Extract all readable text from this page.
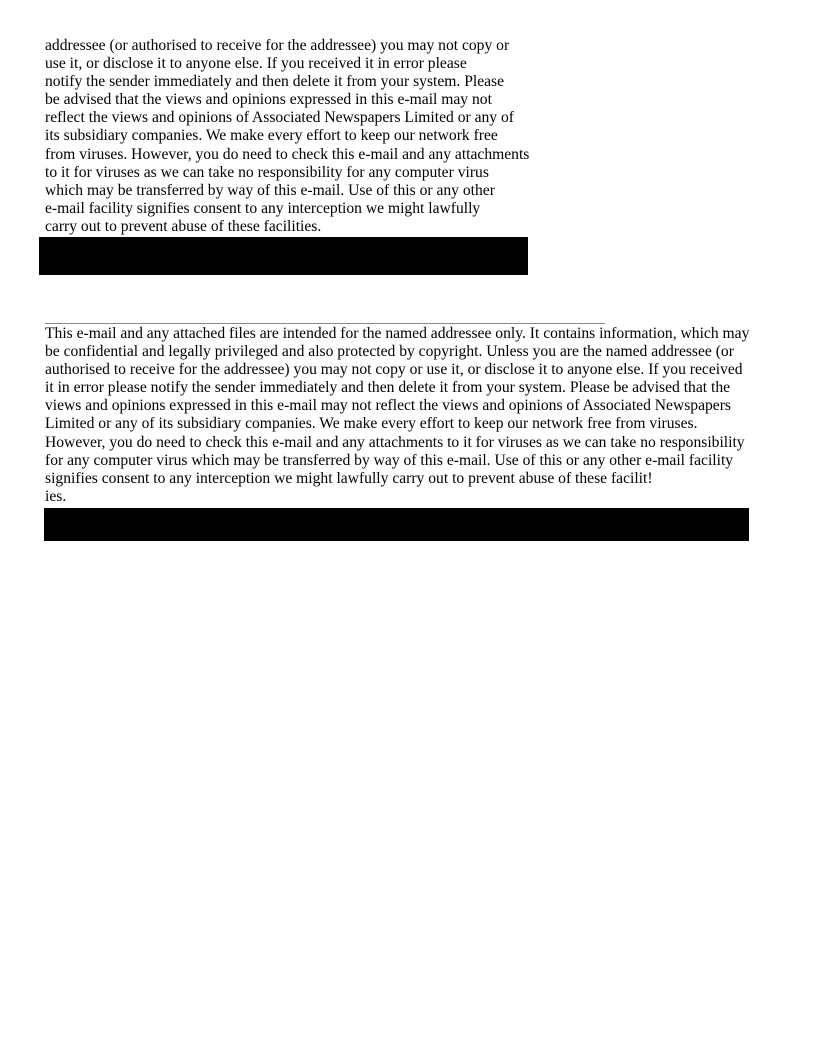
addressee (or authorised to receive for the addressee) you may not copy or
use it, or disclose it to anyone else. If you received it in error please
notify the sender immediately and then delete it from your system. Please
be advised that the views and opinions expressed in this e-mail may not
reflect the views and opinions of Associated Newspapers Limited or any of
its subsidiary companies. We make every effort to keep our network free
from viruses. However, you do need to check this e-mail and any attachments
to it for viruses as we can take no responsibility for any computer virus
which may be transferred by way of this e-mail. Use of this or any other
e-mail facility signifies consent to any interception we might lawfully
carry out to prevent abuse of these facilities.
This e-mail and any attached files are intended for the named addressee only. It contains information, which may
be confidential and legally privileged and also protected by copyright. Unless you are the named addressee (or
authorised to receive for the addressee) you may not copy or use it, or disclose it to anyone else. If you received
it in error please notify the sender immediately and then delete it from your system. Please be advised that the
views and opinions expressed in this e-mail may not reflect the views and opinions of Associated Newspapers
Limited or any of its subsidiary companies. We make every effort to keep our network free from viruses.
However, you do need to check this e-mail and any attachments to it for viruses as we can take no responsibility
for any computer virus which may be transferred by way of this e-mail. Use of this or any other e-mail facility
signifies consent to any interception we might lawfully carry out to prevent abuse of these facilit!
ies.
